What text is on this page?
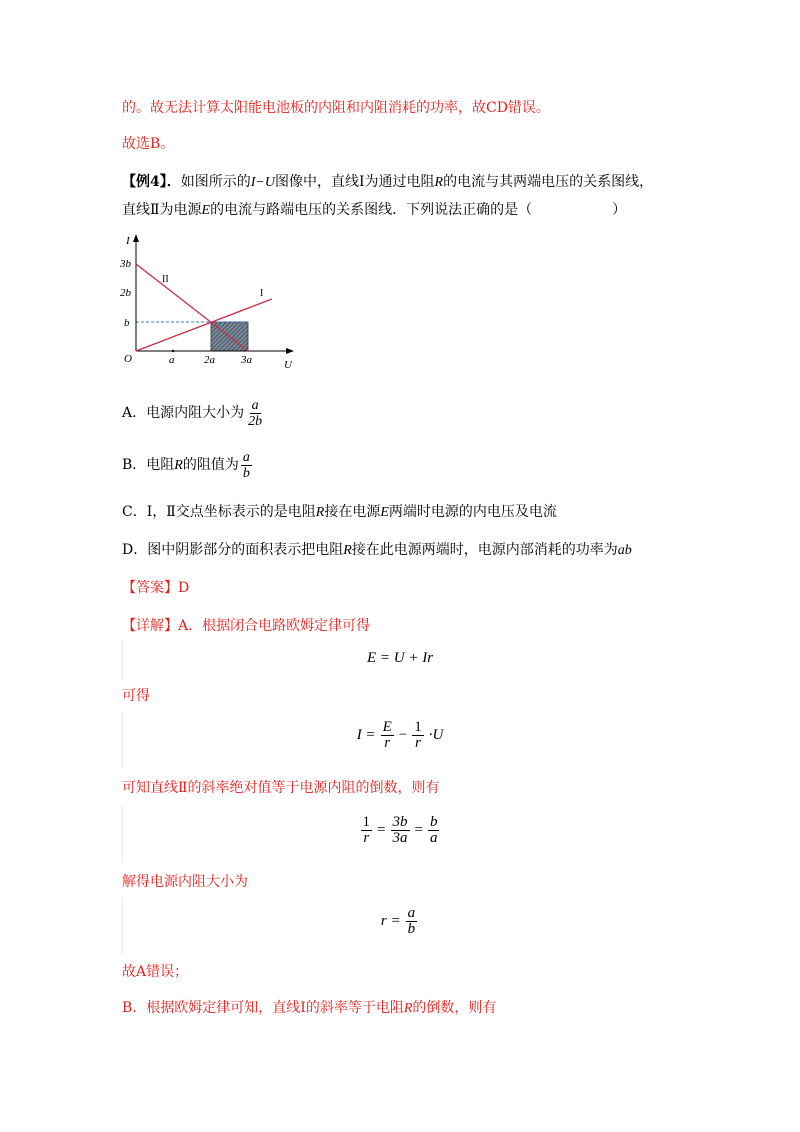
的。故无法计算太阳能电池板的内阻和内阻消耗的功率，故CD错误。
故选B。
【例4】．如图所示的I−U图像中，直线Ⅰ为通过电阻R的电流与其两端电压的关系图线，
直线Ⅱ为电源E的电流与路端电压的关系图线．下列说法正确的是（	）
I
3b
2b
b
O	a	2a 3a	U
II
I
A．电源内阻大小为 $\frac{a}{2b}$
B．电阻R的阻值为 $\frac{a}{b}$
C．Ⅰ，Ⅱ交点坐标表示的是电阻R接在电源E两端时电源的内电压及电流
D．图中阴影部分的面积表示把电阻R接在此电源两端时，电源内部消耗的功率为ab
【答案】D
【详解】A．根据闭合电路欧姆定律可得
E = U + Ir
可得
$I = \frac{E}{r} - \frac{1}{r} \cdot U$
可知直线Ⅱ的斜率绝对值等于电源内阻的倒数，则有
$\frac{1}{r} = \frac{3b}{3a} = \frac{b}{a}$
解得电源内阻大小为
$r = \frac{a}{b}$
故A错误；
B．根据欧姆定律可知，直线Ⅰ的斜率等于电阻R的倒数，则有
